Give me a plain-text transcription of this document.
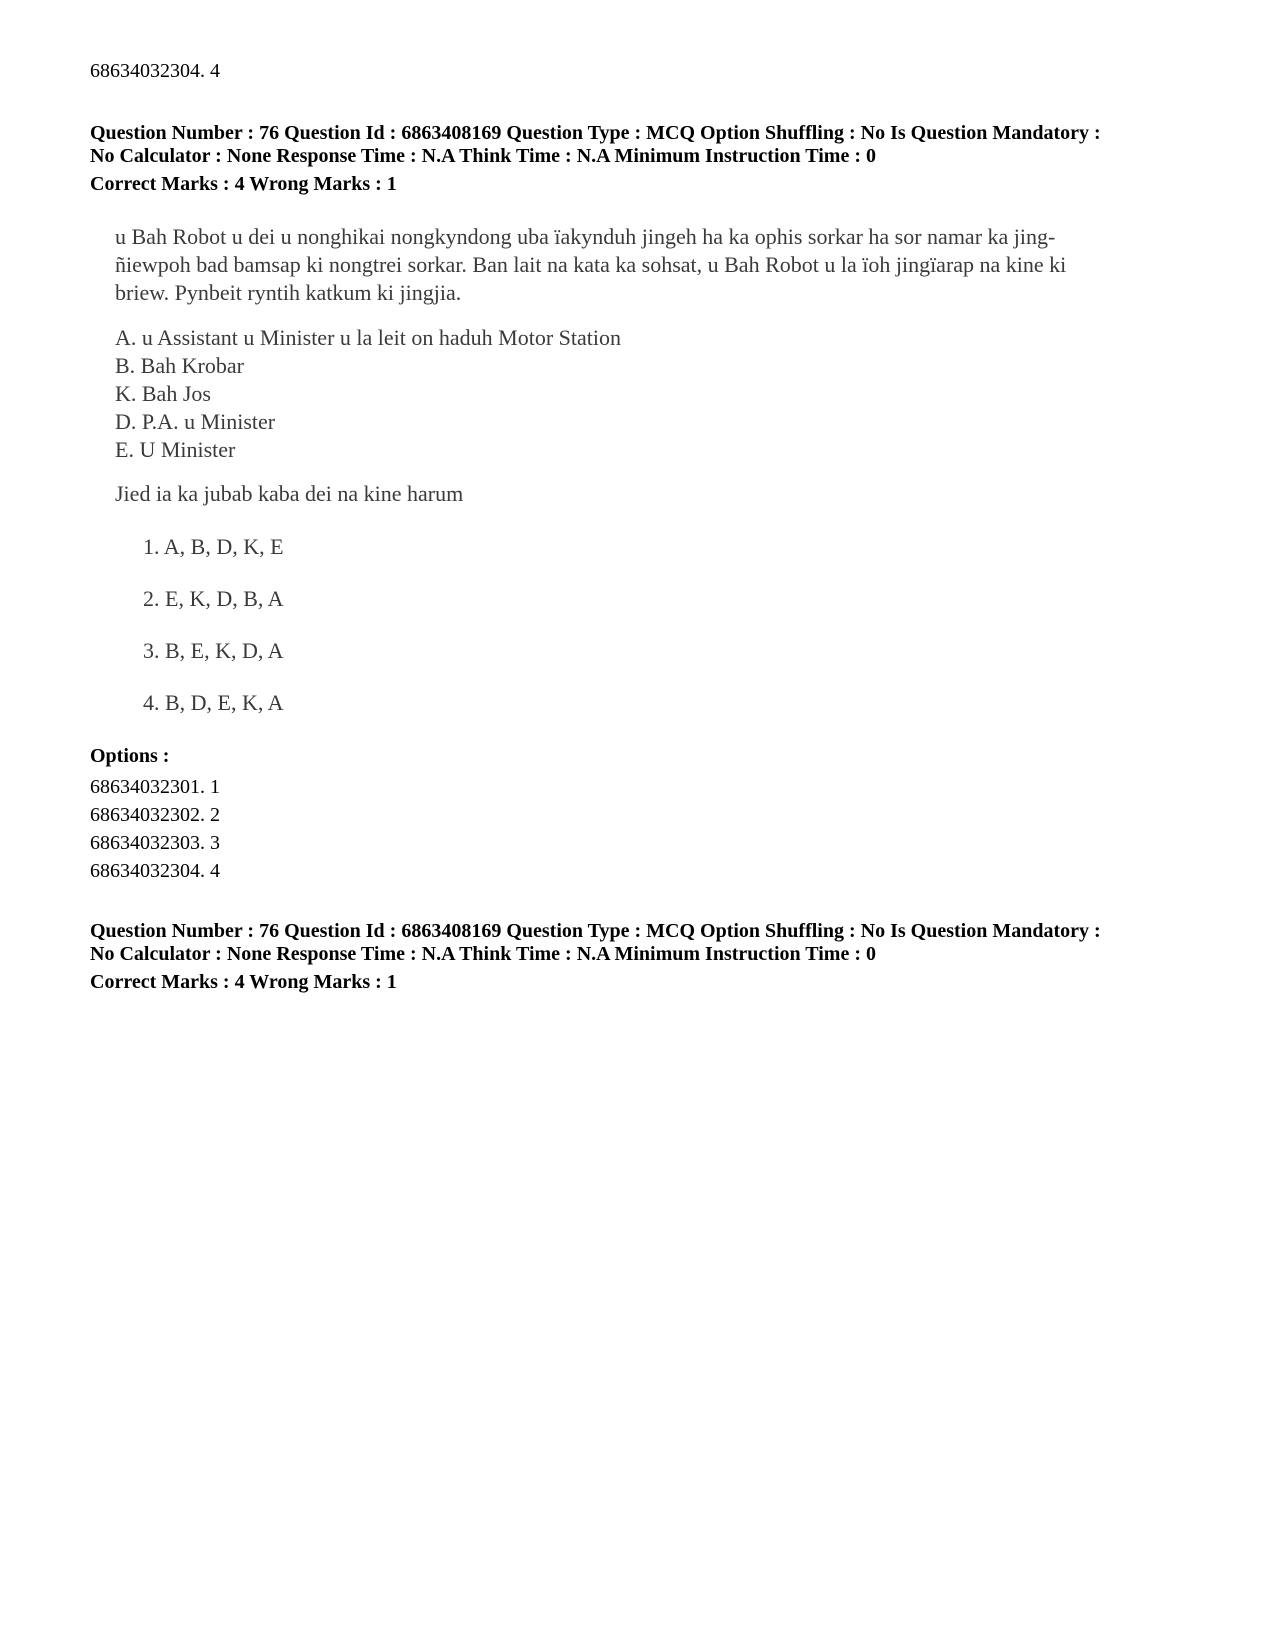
68634032304. 4
Question Number : 76 Question Id : 6863408169 Question Type : MCQ Option Shuffling : No Is Question Mandatory :
No Calculator : None Response Time : N.A Think Time : N.A Minimum Instruction Time : 0
Correct Marks : 4 Wrong Marks : 1
u Bah Robot u dei u nonghikai nongkyndong uba ïakynduh jingeh ha ka ophis sorkar ha sor namar ka jing-
ñiewpoh bad bamsap ki nongtrei sorkar. Ban lait na kata ka sohsat, u Bah Robot u la ïoh jingïarap na kine ki
briew. Pynbeit ryntih katkum ki jingjia.
A. u Assistant u Minister u la leit on haduh Motor Station
B. Bah Krobar
K. Bah Jos
D. P.A. u Minister
E. U Minister
Jied ia ka jubab kaba dei na kine harum
1. A, B, D, K, E
2. E, K, D, B, A
3. B, E, K, D, A
4. B, D, E, K, A
Options :
68634032301. 1
68634032302. 2
68634032303. 3
68634032304. 4
Question Number : 76 Question Id : 6863408169 Question Type : MCQ Option Shuffling : No Is Question Mandatory :
No Calculator : None Response Time : N.A Think Time : N.A Minimum Instruction Time : 0
Correct Marks : 4 Wrong Marks : 1
